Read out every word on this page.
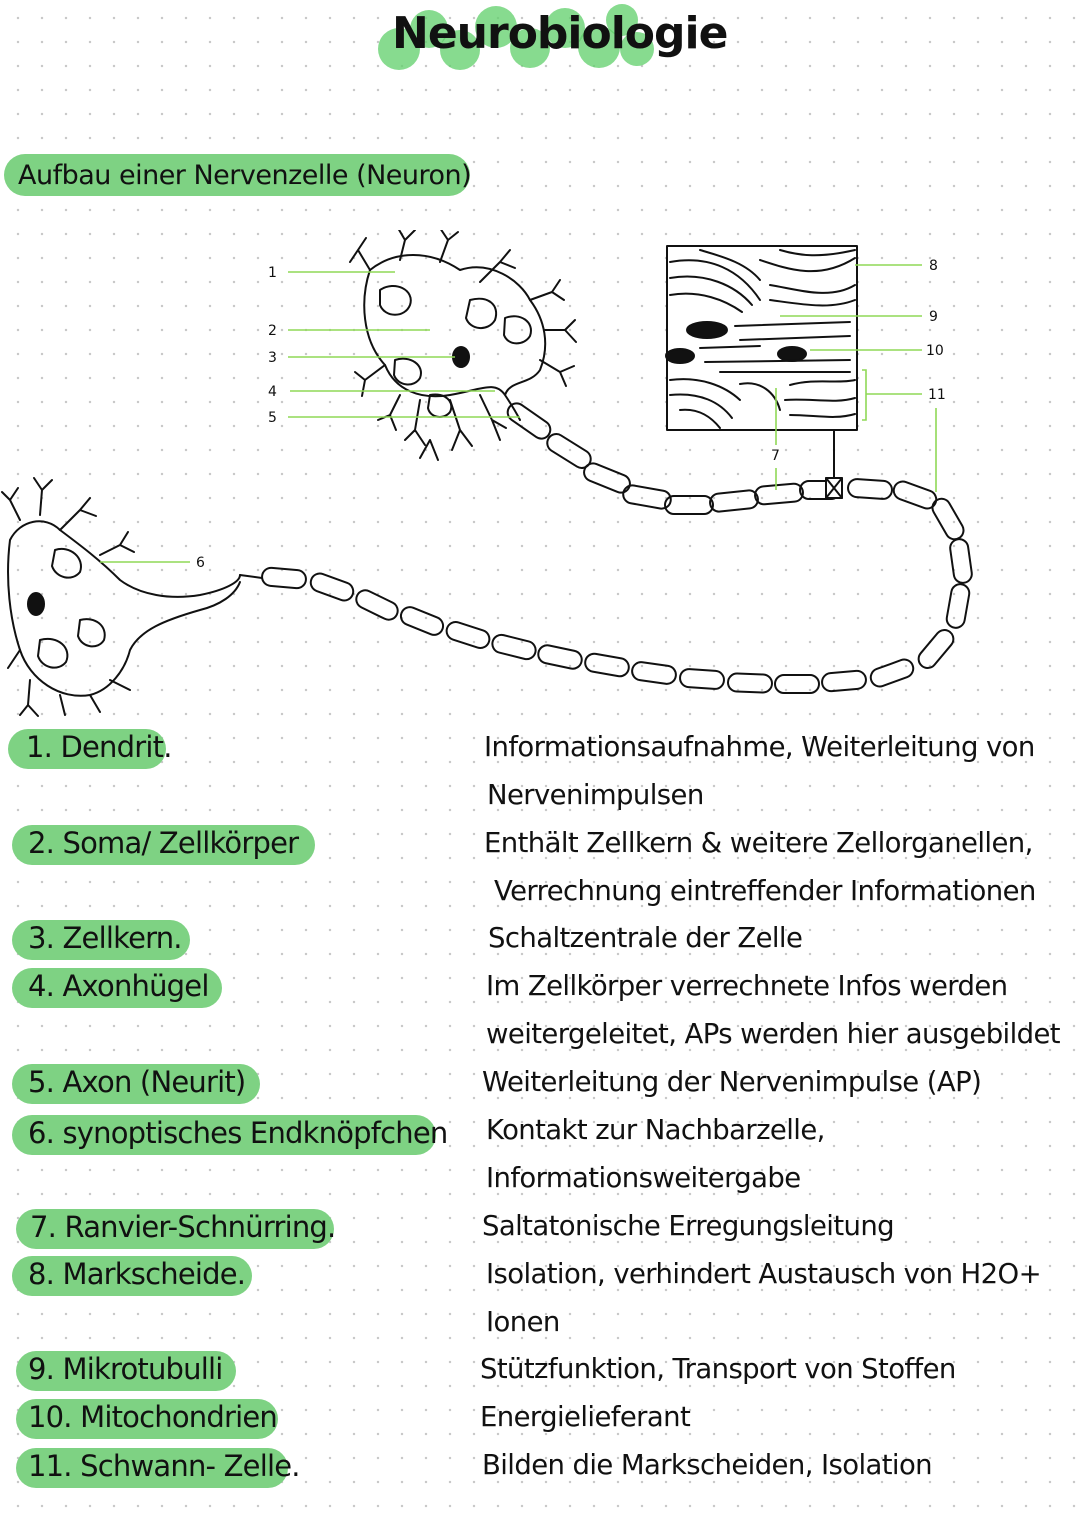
Neurobiologie
Aufbau einer Nervenzelle (Neuron)
1
2
3
4
5
6
7
8
9
10
11
1. Dendrit.
2. Soma/ Zellkörper
3. Zellkern.
4. Axonhügel
5. Axon (Neurit)
6. synoptisches Endknöpfchen
7. Ranvier-Schnürring.
8. Markscheide.
9. Mikrotubulli
10. Mitochondrien
11. Schwann- Zelle.
Informationsaufnahme, Weiterleitung von
Nervenimpulsen
Enthält Zellkern & weitere Zellorganellen,
Verrechnung eintreffender Informationen
Schaltzentrale der Zelle
Im Zellkörper verrechnete Infos werden
weitergeleitet, APs werden hier ausgebildet
Weiterleitung der Nervenimpulse (AP)
Kontakt zur Nachbarzelle,
Informationsweitergabe
Saltatonische Erregungsleitung
Isolation, verhindert Austausch von H2O+
Ionen
Stützfunktion, Transport von Stoffen
Energielieferant
Bilden die Markscheiden, Isolation
